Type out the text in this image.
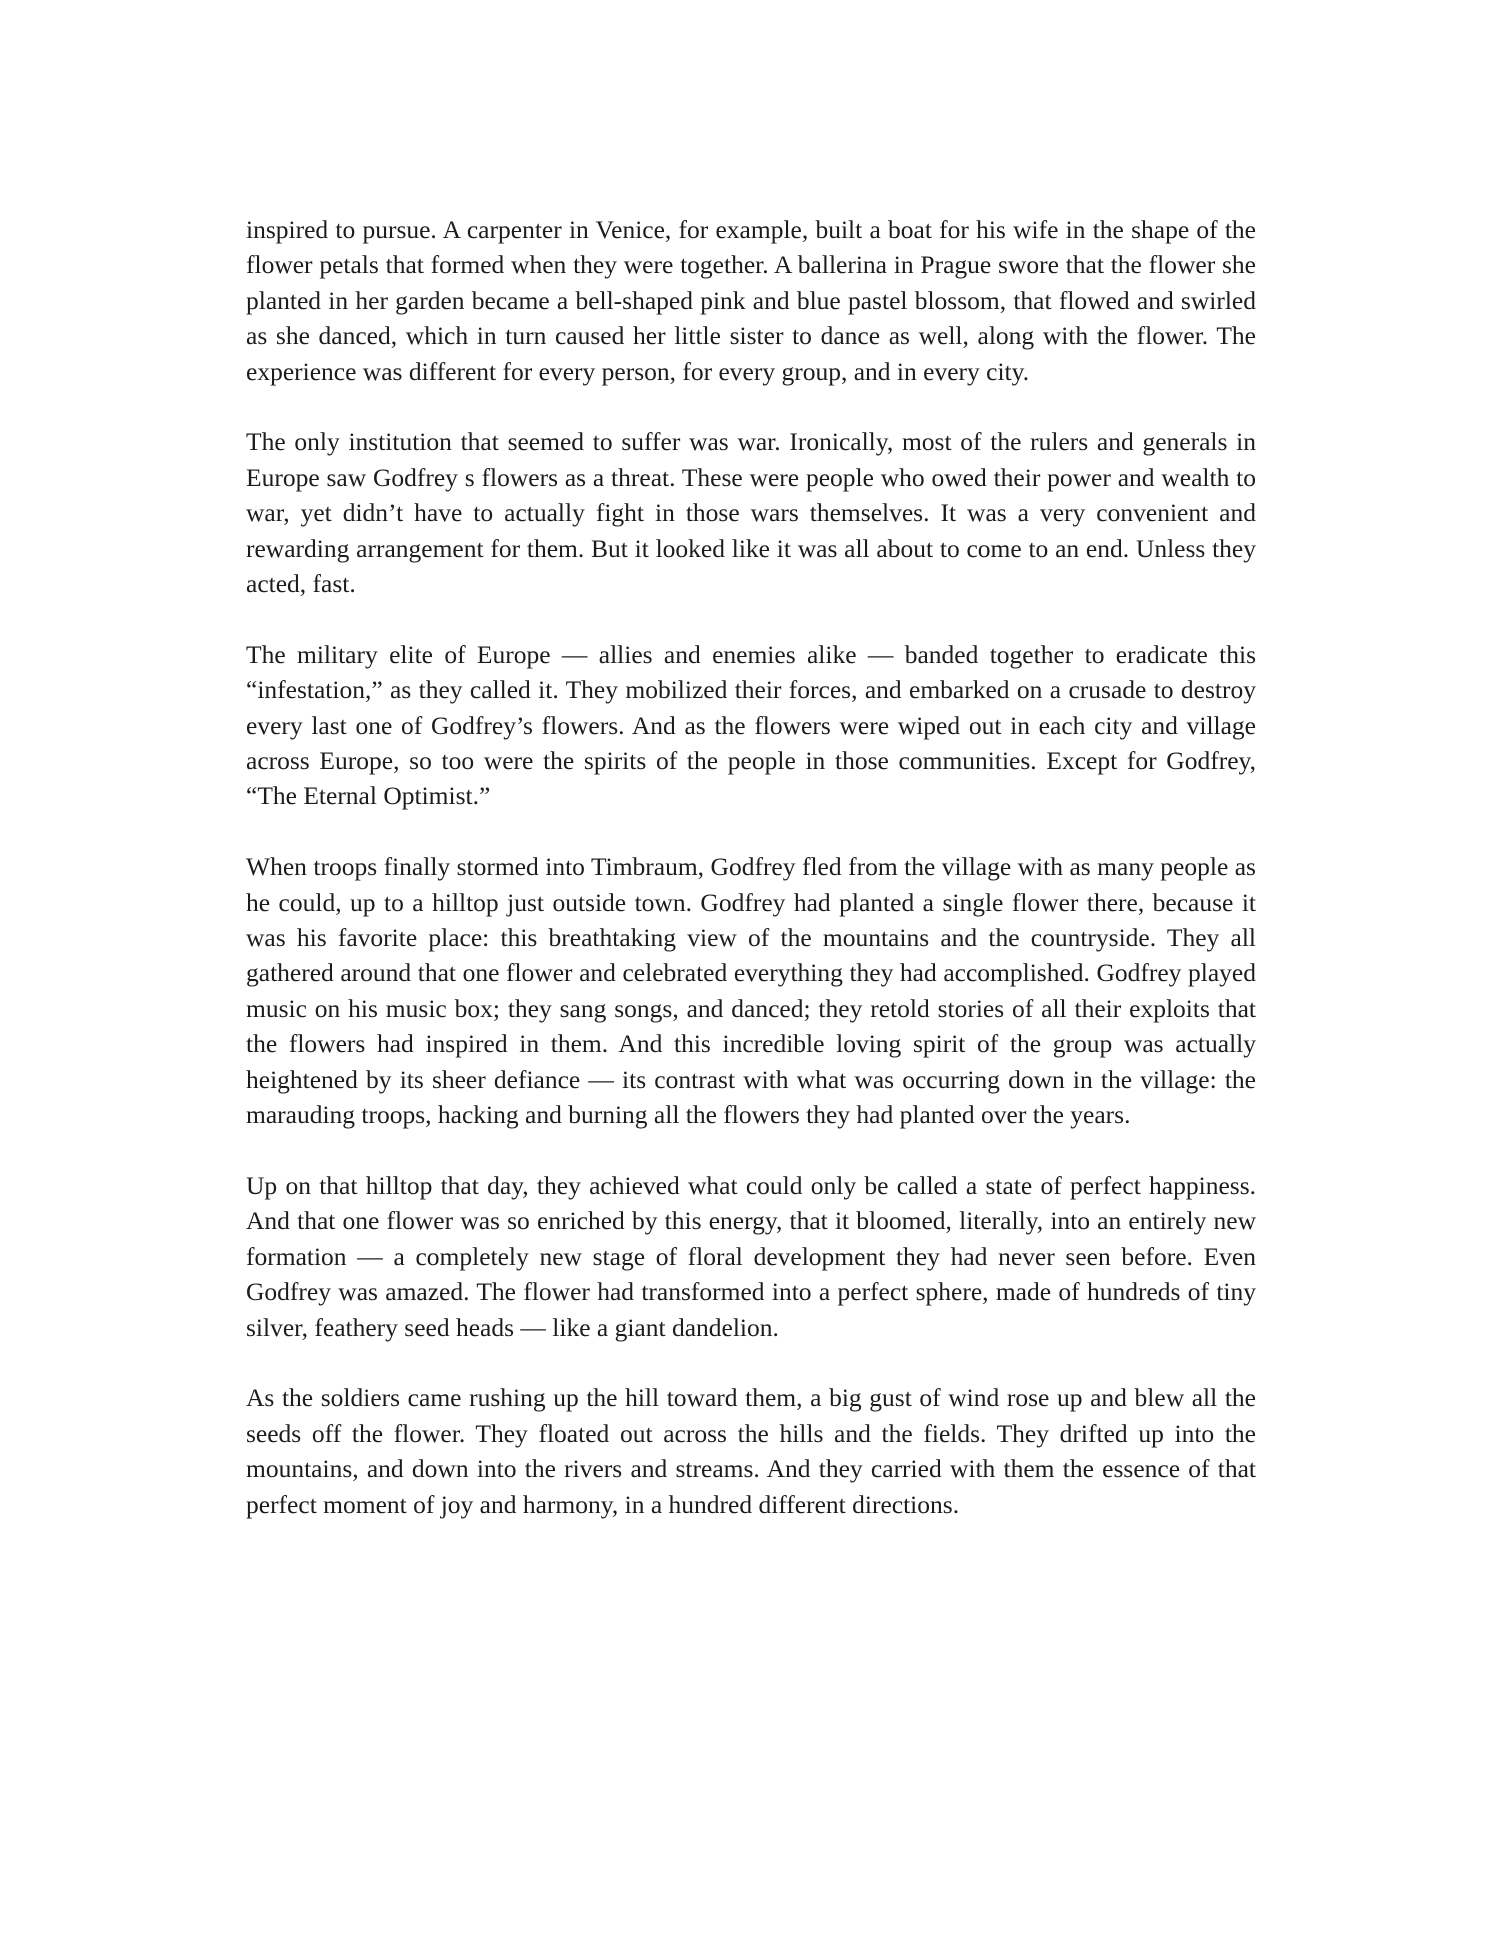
inspired to pursue. A carpenter in Venice, for example, built a boat for his wife in the shape of the flower petals that formed when they were together. A ballerina in Prague swore that the flower she planted in her garden became a bell-shaped pink and blue pastel blossom, that flowed and swirled as she danced, which in turn caused her little sister to dance as well, along with the flower. The experience was different for every person, for every group, and in every city.

The only institution that seemed to suffer was war. Ironically, most of the rulers and generals in Europe saw Godfrey s flowers as a threat. These were people who owed their power and wealth to war, yet didn’t have to actually fight in those wars themselves. It was a very convenient and rewarding arrangement for them. But it looked like it was all about to come to an end. Unless they acted, fast.

The military elite of Europe — allies and enemies alike — banded together to eradicate this “infestation,” as they called it. They mobilized their forces, and embarked on a crusade to destroy every last one of Godfrey’s flowers. And as the flowers were wiped out in each city and village across Europe, so too were the spirits of the people in those communities. Except for Godfrey, “The Eternal Optimist.”

When troops finally stormed into Timbraum, Godfrey fled from the village with as many people as he could, up to a hilltop just outside town. Godfrey had planted a single flower there, because it was his favorite place: this breathtaking view of the mountains and the countryside. They all gathered around that one flower and celebrated everything they had accomplished. Godfrey played music on his music box; they sang songs, and danced; they retold stories of all their exploits that the flowers had inspired in them. And this incredible loving spirit of the group was actually heightened by its sheer defiance — its contrast with what was occurring down in the village: the marauding troops, hacking and burning all the flowers they had planted over the years.

Up on that hilltop that day, they achieved what could only be called a state of perfect happiness. And that one flower was so enriched by this energy, that it bloomed, literally, into an entirely new formation — a completely new stage of floral development they had never seen before. Even Godfrey was amazed. The flower had transformed into a perfect sphere, made of hundreds of tiny silver, feathery seed heads — like a giant dandelion.

As the soldiers came rushing up the hill toward them, a big gust of wind rose up and blew all the seeds off the flower. They floated out across the hills and the fields. They drifted up into the mountains, and down into the rivers and streams. And they carried with them the essence of that perfect moment of joy and harmony, in a hundred different directions.
